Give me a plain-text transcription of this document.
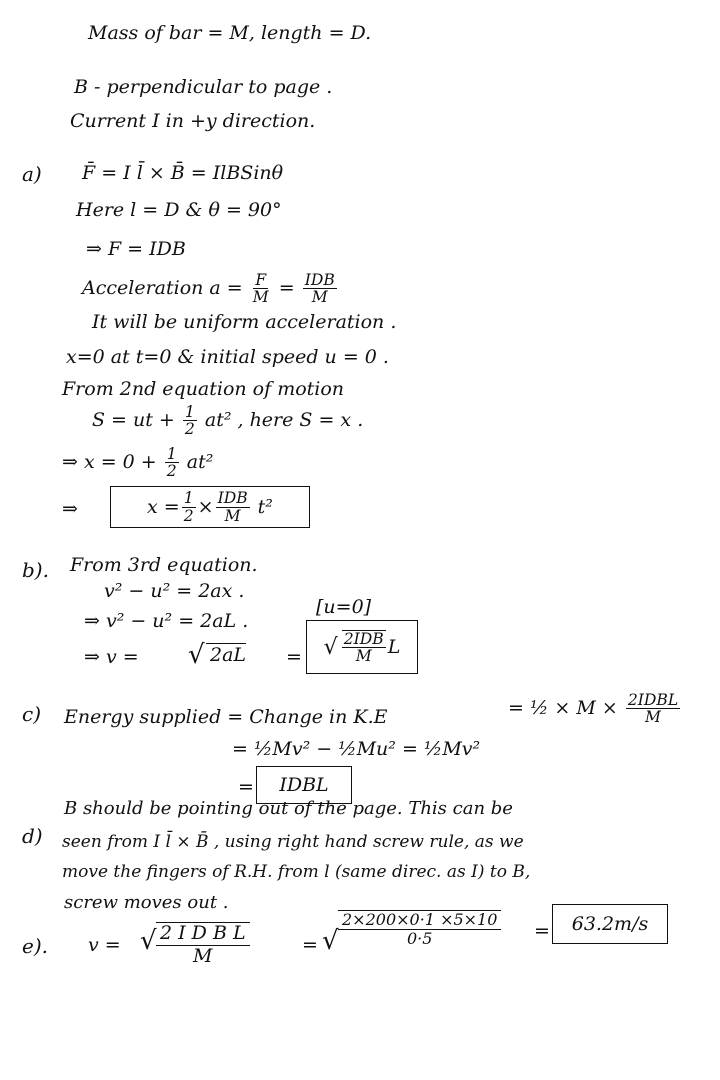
Mass of bar = M, length = D.
B - perpendicular to page .
Current I in +y direction.
a) F̄ = I l̄ × B̄ = IlBSinθ
Here l = D & θ = 90°
⇒ F = IDB
Acceleration $a = \frac{F}{M} = \frac{\text{IDB}}{M}$
It will be uniform acceleration .
x=0 at t=0 & initial speed u = 0 .
From 2nd equation of motion
S = ut + $\frac{1}{2} at^2$ , here S = x .
⇒ $x = 0 + \frac{1}{2} at^2$
⇒	$x = \frac{1}{2} \times \frac{\text{IDB}}{M} t^2$
b). From 3rd equation.
v² − u² = 2ax .
⇒ v² − u² = 2aL .
[u=0]
⇒ v = √ 2aL = √ $\frac{\text{2IDB}}{M}$ L
c) Energy supplied = Change in K.E	= ½ × $M \times \frac{\text{2IDBL}}{M}$
= ½Mv² − ½Mu² = ½Mv²
=	IDBL
d)
B should be pointing out of the page. This can be
seen from I l̄ × B̄ , using right hand screw rule, as we
move the fingers of R.H. from l (same direc. as I) to B,
screw moves out .
e). v = √ $\frac{\text{2 I D B L}}{M}$	= √ $\frac{2\times 200\times 0\cdot 1 \times 5\times 10}{0\cdot 5}$ =	63.2m/s
